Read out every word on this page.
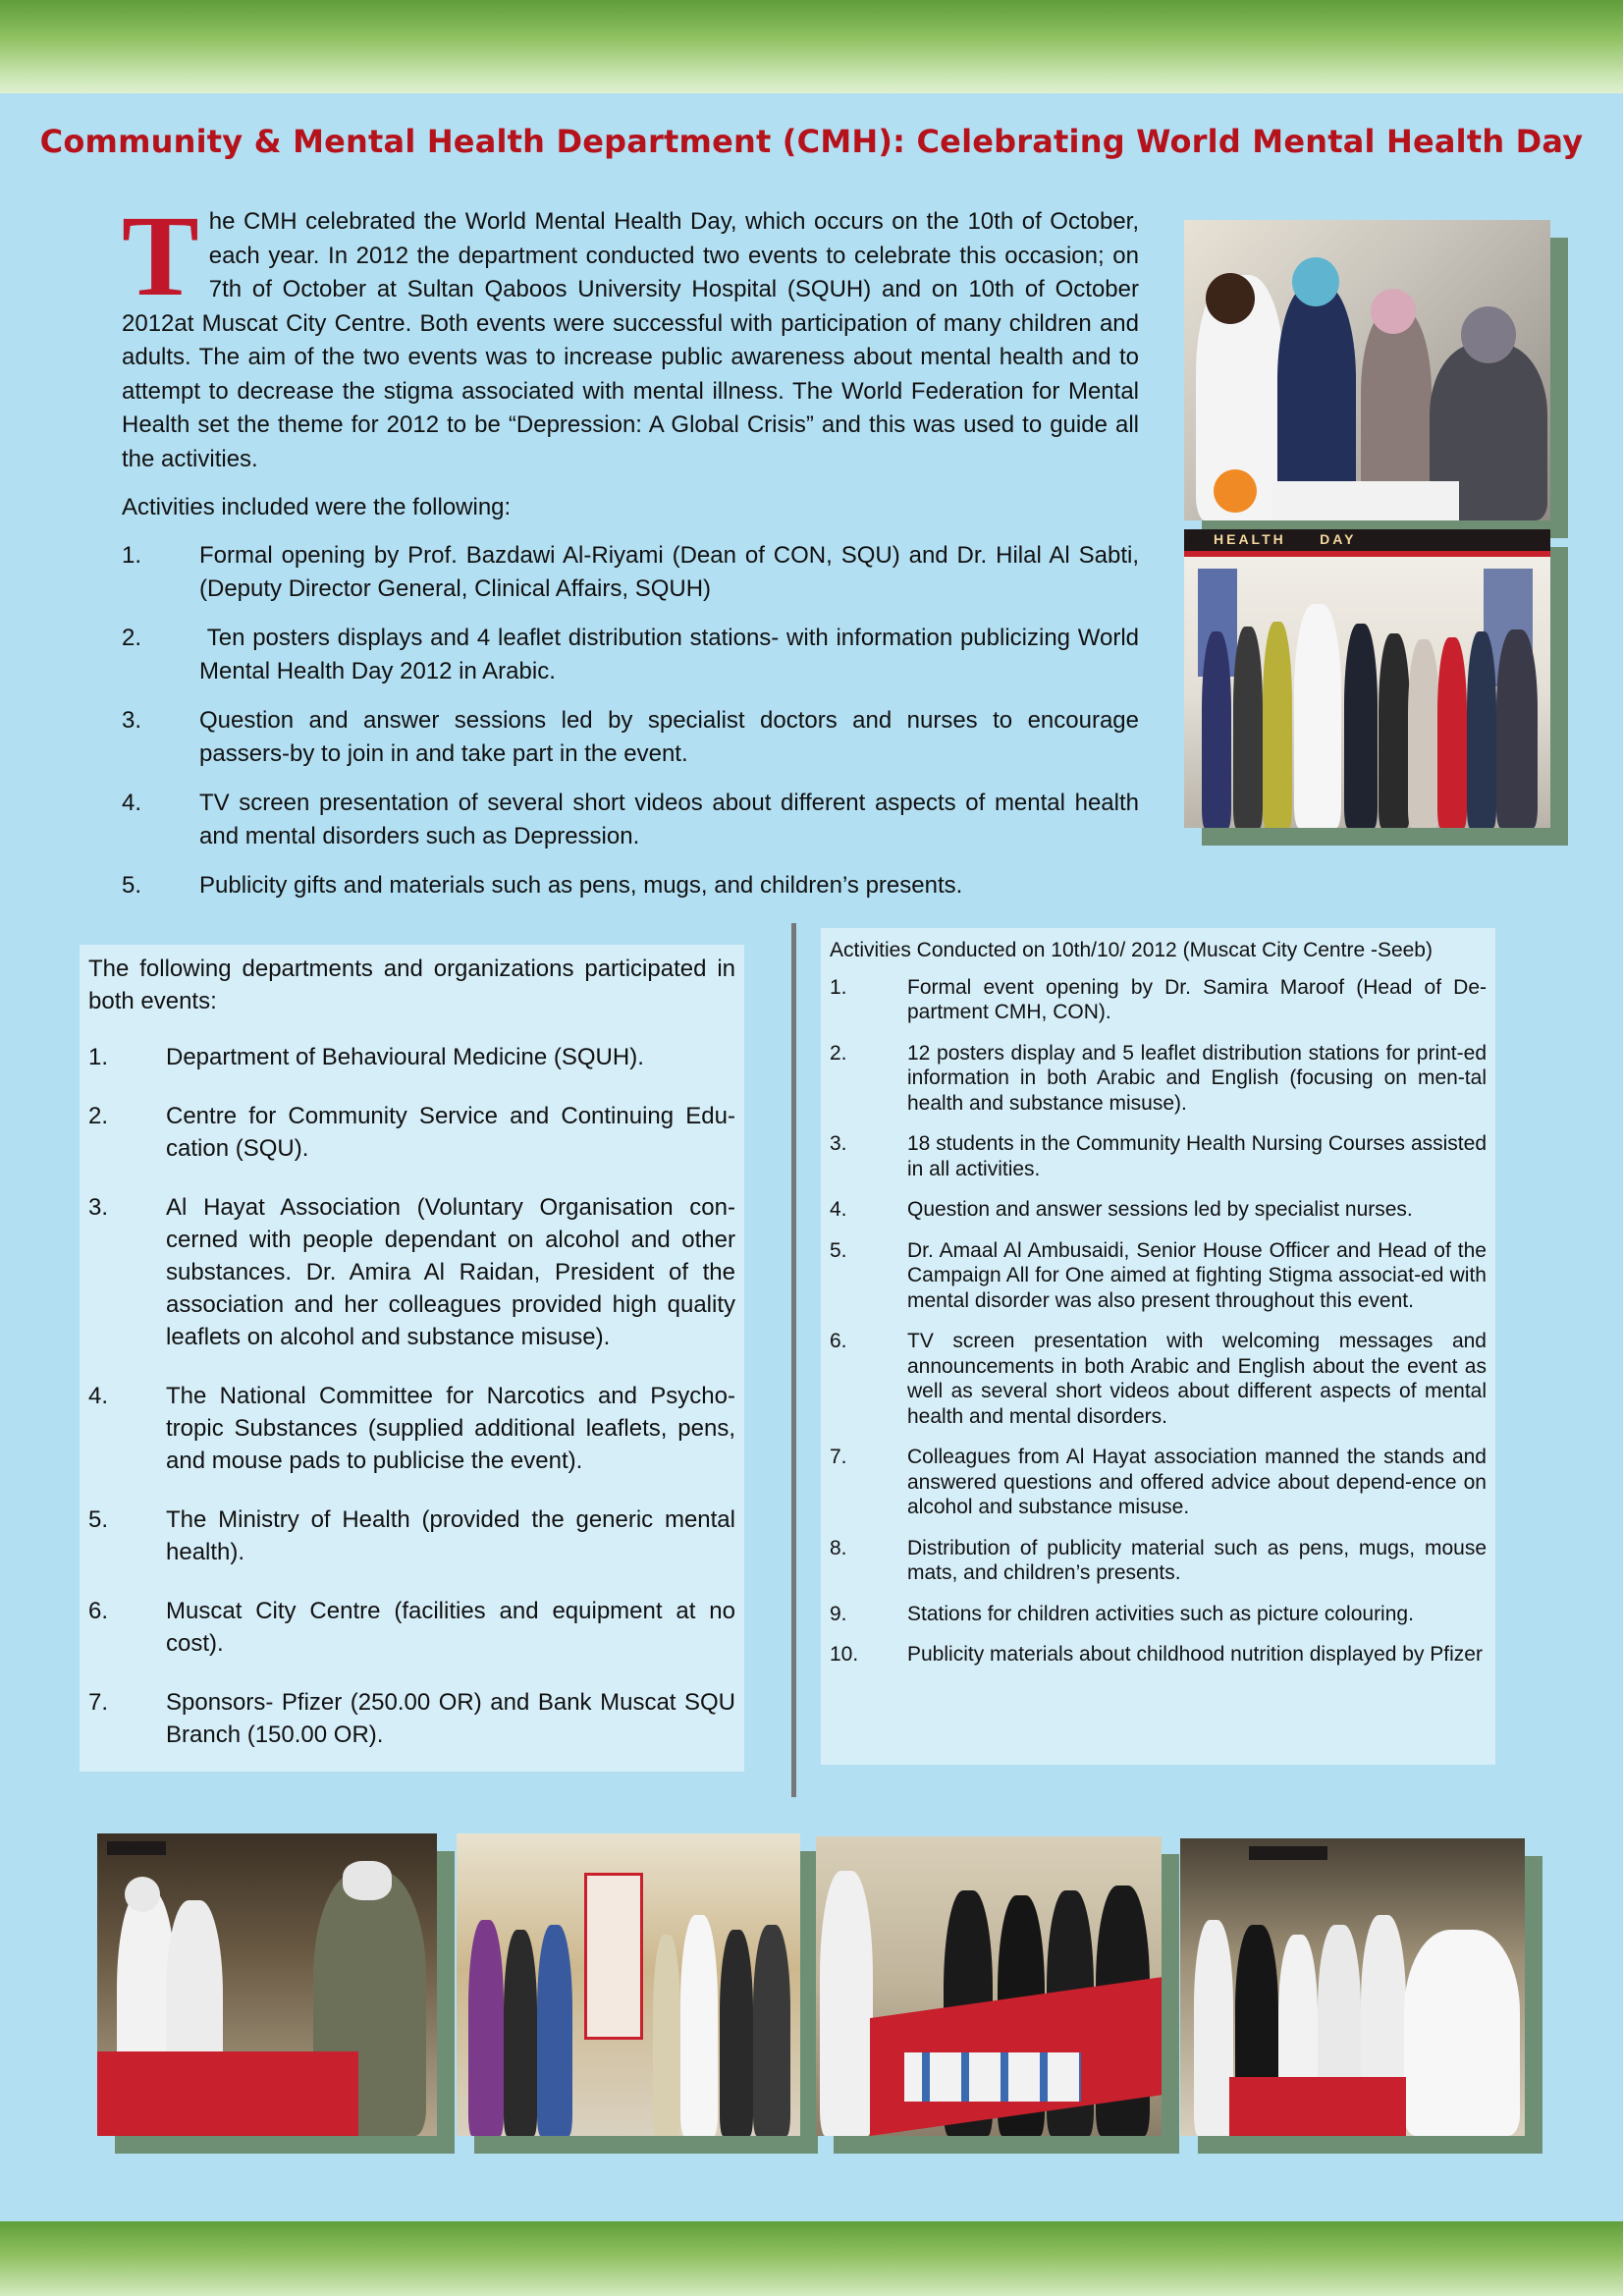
Community & Mental Health Department (CMH): Celebrating World Mental Health Day
The CMH celebrated the World Mental Health Day, which occurs on the 10th of October, each year. In 2012 the department conducted two events to celebrate this occasion; on 7th of October at Sultan Qaboos University Hospital (SQUH) and on 10th of October 2012at Muscat City Centre. Both events were successful with participation of many children and adults. The aim of the two events was to increase public awareness about mental health and to attempt to decrease the stigma associated with mental illness. The World Federation for Mental Health set the theme for 2012 to be “Depression: A Global Crisis” and this was used to guide all the activities.
Activities included were the following:
1.	Formal opening by Prof. Bazdawi Al-Riyami (Dean of CON, SQU) and Dr. Hilal Al Sabti, (Deputy Director General, Clinical Affairs, SQUH)
2.	Ten posters displays and 4 leaflet distribution stations- with information publicizing World Mental Health Day 2012 in Arabic.
3.	Question and answer sessions led by specialist doctors and nurses to encourage passers-by to join in and take part in the event.
4.	TV screen presentation of several short videos about different aspects of mental health and mental disorders such as Depression.
5.	Publicity gifts and materials such as pens, mugs, and children’s presents.
HEALTH     DAY

The following departments and organizations participated in both events:

1.	Department of Behavioural Medicine (SQUH).
2.	Centre for Community Service and Continuing Edu-cation (SQU).
3.	Al Hayat Association (Voluntary Organisation con-cerned with people dependant on alcohol and other substances. Dr. Amira Al Raidan, President of the association and her colleagues provided high quality leaflets on alcohol and substance misuse).
4.	The National Committee for Narcotics and Psycho-tropic Substances (supplied additional leaflets, pens, and mouse pads to publicise the event).
5.	The Ministry of Health (provided the generic mental health).
6.	Muscat City Centre (facilities and equipment at no cost).
7.	Sponsors- Pfizer (250.00 OR) and Bank Muscat SQU Branch (150.00 OR).

Activities Conducted on 10th/10/ 2012 (Muscat City Centre -Seeb)

1.	Formal event opening by Dr. Samira Maroof (Head of De-partment CMH, CON).
2.	12 posters display and 5 leaflet distribution stations for print-ed information in both Arabic and English (focusing on men-tal health and substance misuse).
3.	18 students in the Community Health Nursing Courses assisted in all activities.
4.	Question and answer sessions led by specialist nurses.
5.	Dr. Amaal Al Ambusaidi, Senior House Officer and Head of the Campaign All for One aimed at fighting Stigma associat-ed with mental disorder was also present throughout this event.
6.	TV screen presentation with welcoming messages and announcements in both Arabic and English about the event as well as several short videos about different aspects of mental health and mental disorders.
7.	Colleagues from Al Hayat association manned the stands and answered questions and offered advice about depend-ence on alcohol and substance misuse.
8.	Distribution of publicity material such as pens, mugs, mouse mats, and children’s presents.
9.	Stations for children activities such as picture colouring.
10.	Publicity materials about childhood nutrition displayed by Pfizer
